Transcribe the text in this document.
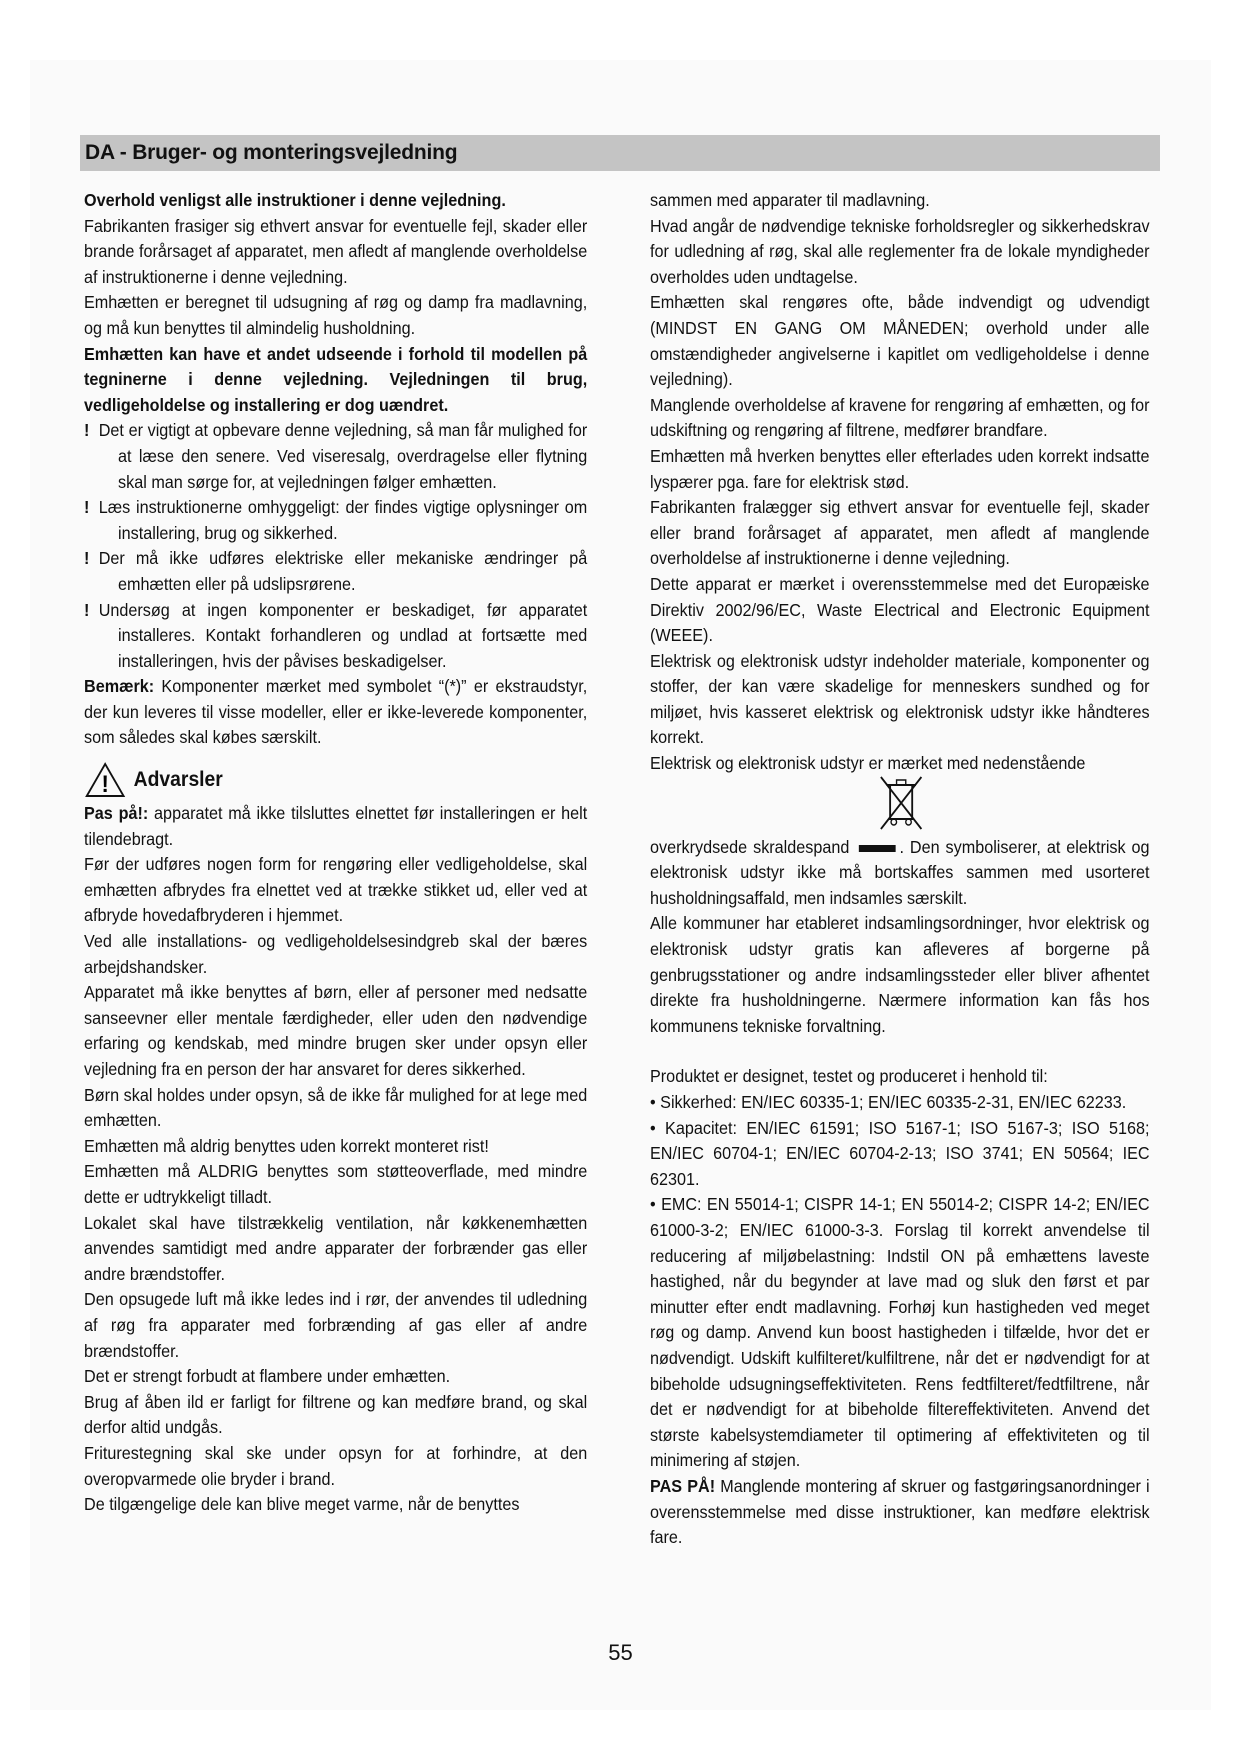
DA - Bruger- og monteringsvejledning

Overhold venligst alle instruktioner i denne vejledning.

Fabrikanten frasiger sig ethvert ansvar for eventuelle fejl, skader eller brande forårsaget af apparatet, men afledt af manglende overholdelse af instruktionerne i denne vejledning.

Emhætten er beregnet til udsugning af røg og damp fra madlavning, og må kun benyttes til almindelig husholdning.

Emhætten kan have et andet udseende i forhold til modellen på tegninerne i denne vejledning. Vejledningen til brug, vedligeholdelse og installering er dog uændret.

! Det er vigtigt at opbevare denne vejledning, så man får mulighed for at læse den senere. Ved viseresalg, overdragelse eller flytning skal man sørge for, at vejledningen følger emhætten.

! Læs instruktionerne omhyggeligt: der findes vigtige oplysninger om installering, brug og sikkerhed.

! Der må ikke udføres elektriske eller mekaniske ændringer på emhætten eller på udslipsrørene.

! Undersøg at ingen komponenter er beskadiget, før apparatet installeres. Kontakt forhandleren og undlad at fortsætte med installeringen, hvis der påvises beskadigelser.

Bemærk: Komponenter mærket med symbolet “(*)” er ekstraudstyr, der kun leveres til visse modeller, eller er ikke-leverede komponenter, som således skal købes særskilt.

! Advarsler

Pas på!: apparatet må ikke tilsluttes elnettet før installeringen er helt tilendebragt.

Før der udføres nogen form for rengøring eller vedligeholdelse, skal emhætten afbrydes fra elnettet ved at trække stikket ud, eller ved at afbryde hovedafbryderen i hjemmet.

Ved alle installations- og vedligeholdelsesindgreb skal der bæres arbejdshandsker.

Apparatet må ikke benyttes af børn, eller af personer med nedsatte sanseevner eller mentale færdigheder, eller uden den nødvendige erfaring og kendskab, med mindre brugen sker under opsyn eller vejledning fra en person der har ansvaret for deres sikkerhed.

Børn skal holdes under opsyn, så de ikke får mulighed for at lege med emhætten.

Emhætten må aldrig benyttes uden korrekt monteret rist!

Emhætten må ALDRIG benyttes som støtteoverflade, med mindre dette er udtrykkeligt tilladt.

Lokalet skal have tilstrækkelig ventilation, når køkkenemhætten anvendes samtidigt med andre apparater der forbrænder gas eller andre brændstoffer.

Den opsugede luft må ikke ledes ind i rør, der anvendes til udledning af røg fra apparater med forbrænding af gas eller af andre brændstoffer.

Det er strengt forbudt at flambere under emhætten.

Brug af åben ild er farligt for filtrene og kan medføre brand, og skal derfor altid undgås.

Friturestegning skal ske under opsyn for at forhindre, at den overopvarmede olie bryder i brand.

De tilgængelige dele kan blive meget varme, når de benyttes

sammen med apparater til madlavning.

Hvad angår de nødvendige tekniske forholdsregler og sikkerhedskrav for udledning af røg, skal alle reglementer fra de lokale myndigheder overholdes uden undtagelse.

Emhætten skal rengøres ofte, både indvendigt og udvendigt (MINDST EN GANG OM MÅNEDEN; overhold under alle omstændigheder angivelserne i kapitlet om vedligeholdelse i denne vejledning).

Manglende overholdelse af kravene for rengøring af emhætten, og for udskiftning og rengøring af filtrene, medfører brandfare.

Emhætten må hverken benyttes eller efterlades uden korrekt indsatte lyspærer pga. fare for elektrisk stød.

Fabrikanten fralægger sig ethvert ansvar for eventuelle fejl, skader eller brand forårsaget af apparatet, men afledt af manglende overholdelse af instruktionerne i denne vejledning.

Dette apparat er mærket i overensstemmelse med det Europæiske Direktiv 2002/96/EC, Waste Electrical and Electronic Equipment (WEEE).

Elektrisk og elektronisk udstyr indeholder materiale, komponenter og stoffer, der kan være skadelige for menneskers sundhed og for miljøet, hvis kasseret elektrisk og elektronisk udstyr ikke håndteres korrekt.

Elektrisk og elektronisk udstyr er mærket med nedenstående

overkrydsede skraldespand	. Den symboliserer, at elektrisk og elektronisk udstyr ikke må bortskaffes sammen med usorteret husholdningsaffald, men indsamles særskilt.

Alle kommuner har etableret indsamlingsordninger, hvor elektrisk og elektronisk udstyr gratis kan afleveres af borgerne på genbrugsstationer og andre indsamlingssteder eller bliver afhentet direkte fra husholdningerne. Nærmere information kan fås hos kommunens tekniske forvaltning.

Produktet er designet, testet og produceret i henhold til:

• Sikkerhed: EN/IEC 60335-1; EN/IEC 60335-2-31, EN/IEC 62233.

• Kapacitet: EN/IEC 61591; ISO 5167-1; ISO 5167-3; ISO 5168; EN/IEC 60704-1; EN/IEC 60704-2-13; ISO 3741; EN 50564; IEC 62301.

• EMC: EN 55014-1; CISPR 14-1; EN 55014-2; CISPR 14-2; EN/IEC 61000-3-2; EN/IEC 61000-3-3. Forslag til korrekt anvendelse til reducering af miljøbelastning: Indstil ON på emhættens laveste hastighed, når du begynder at lave mad og sluk den først et par minutter efter endt madlavning. Forhøj kun hastigheden ved meget røg og damp. Anvend kun boost hastigheden i tilfælde, hvor det er nødvendigt. Udskift kulfilteret/kulfiltrene, når det er nødvendigt for at bibeholde udsugningseffektiviteten. Rens fedtfilteret/fedtfiltrene, når det er nødvendigt for at bibeholde filtereffektiviteten. Anvend det største kabelsystemdiameter til optimering af effektiviteten og til minimering af støjen.

PAS PÅ! Manglende montering af skruer og fastgøringsanordninger i overensstemmelse med disse instruktioner, kan medføre elektrisk fare.

55
